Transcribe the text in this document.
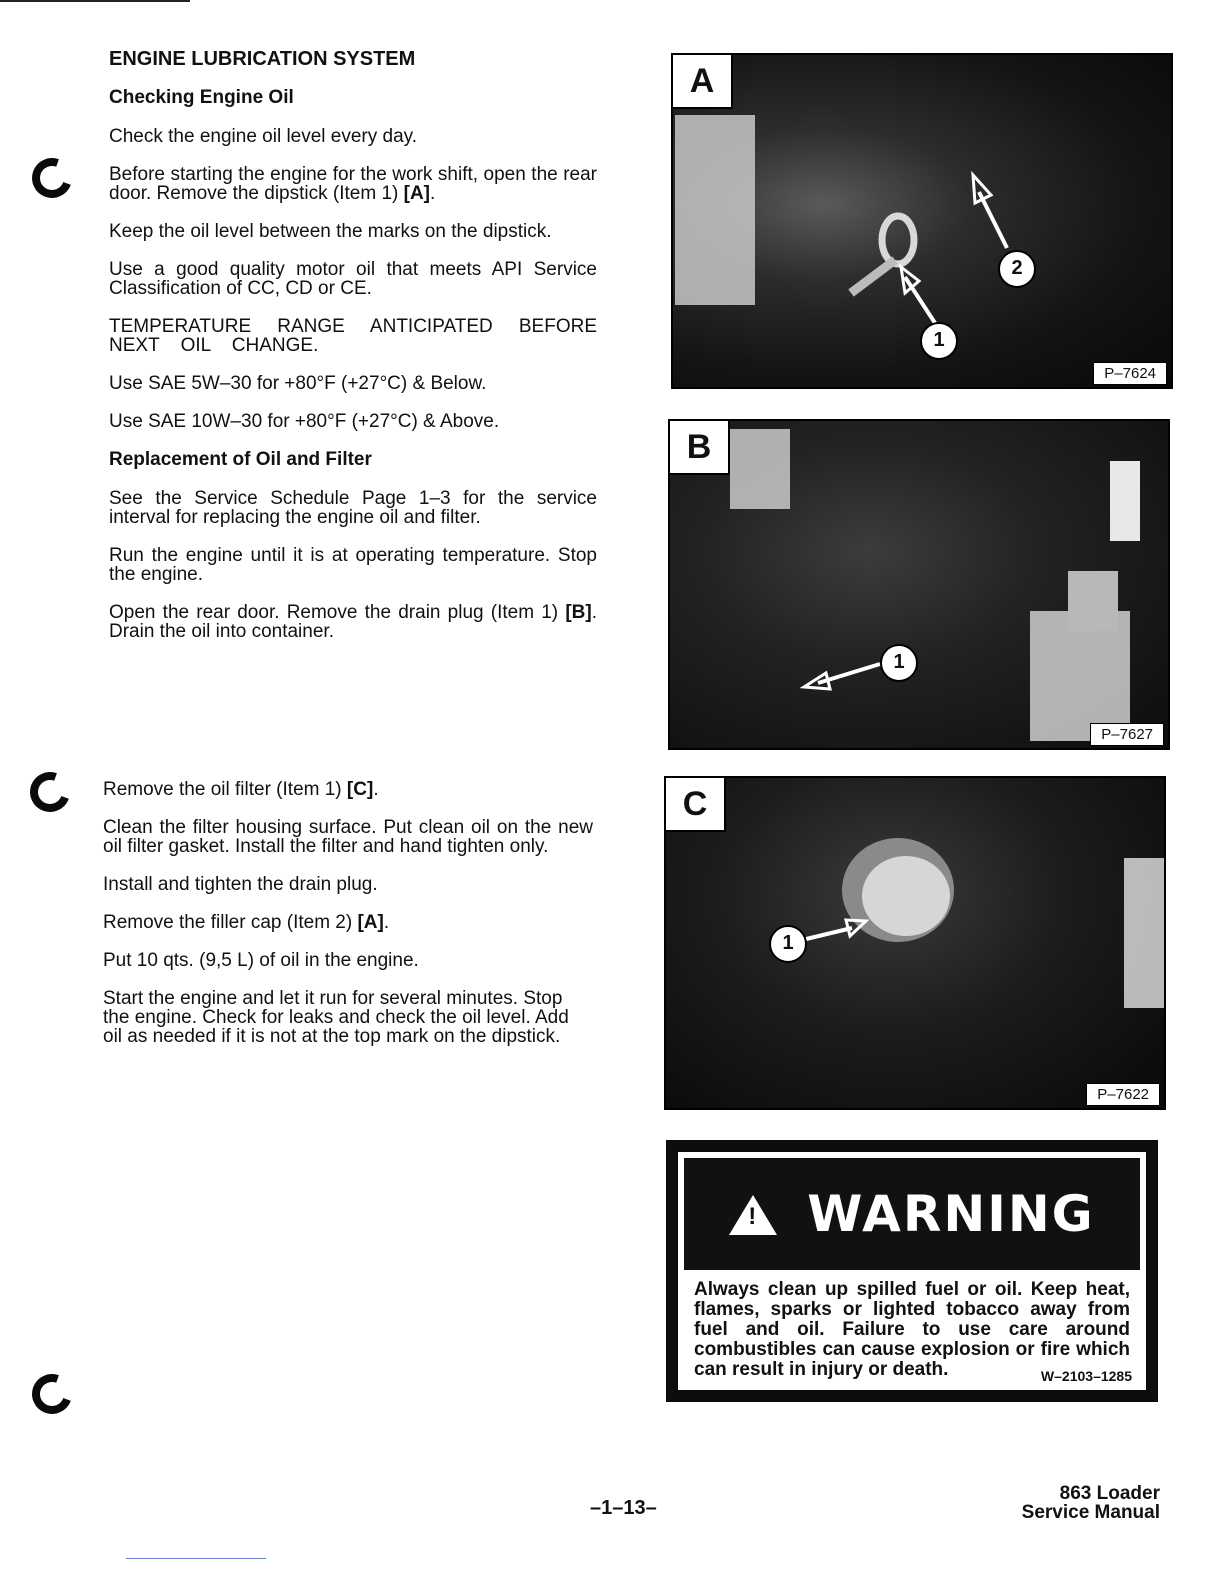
ENGINE LUBRICATION SYSTEM
Checking Engine Oil

Check the engine oil level every day.

Before starting the engine for the work shift, open the rear door. Remove the dipstick (Item 1) [A].

Keep the oil level between the marks on the dipstick.

Use a good quality motor oil that meets API Service Classification of CC, CD or CE.

TEMPERATURE RANGE ANTICIPATED BEFORE NEXT OIL CHANGE.

Use SAE 5W–30 for +80°F (+27°C) & Below.

Use SAE 10W–30 for +80°F (+27°C) & Above.

Replacement of Oil and Filter

See the Service Schedule Page 1–3 for the service interval for replacing the engine oil and filter.

Run the engine until it is at operating temperature. Stop the engine.

Open the rear door. Remove the drain plug (Item 1) [B]. Drain the oil into container.

Remove the oil filter (Item 1) [C].

Clean the filter housing surface. Put clean oil on the new oil filter gasket. Install the filter and hand tighten only.

Install and tighten the drain plug.

Remove the filler cap (Item 2) [A].

Put 10 qts. (9,5 L) of oil in the engine.

Start the engine and let it run for several minutes. Stop the engine. Check for leaks and check the oil level. Add oil as needed if it is not at the top mark on the dipstick.

A
1
2
P–7624
B
1
P–7627
C
1
P–7622
! WARNING
Always clean up spilled fuel or oil. Keep heat, flames, sparks or lighted tobacco away from fuel and oil. Failure to use care around combustibles can cause explosion or fire which can result in injury or death.	W–2103–1285
–1–13–
863 Loader
Service Manual
